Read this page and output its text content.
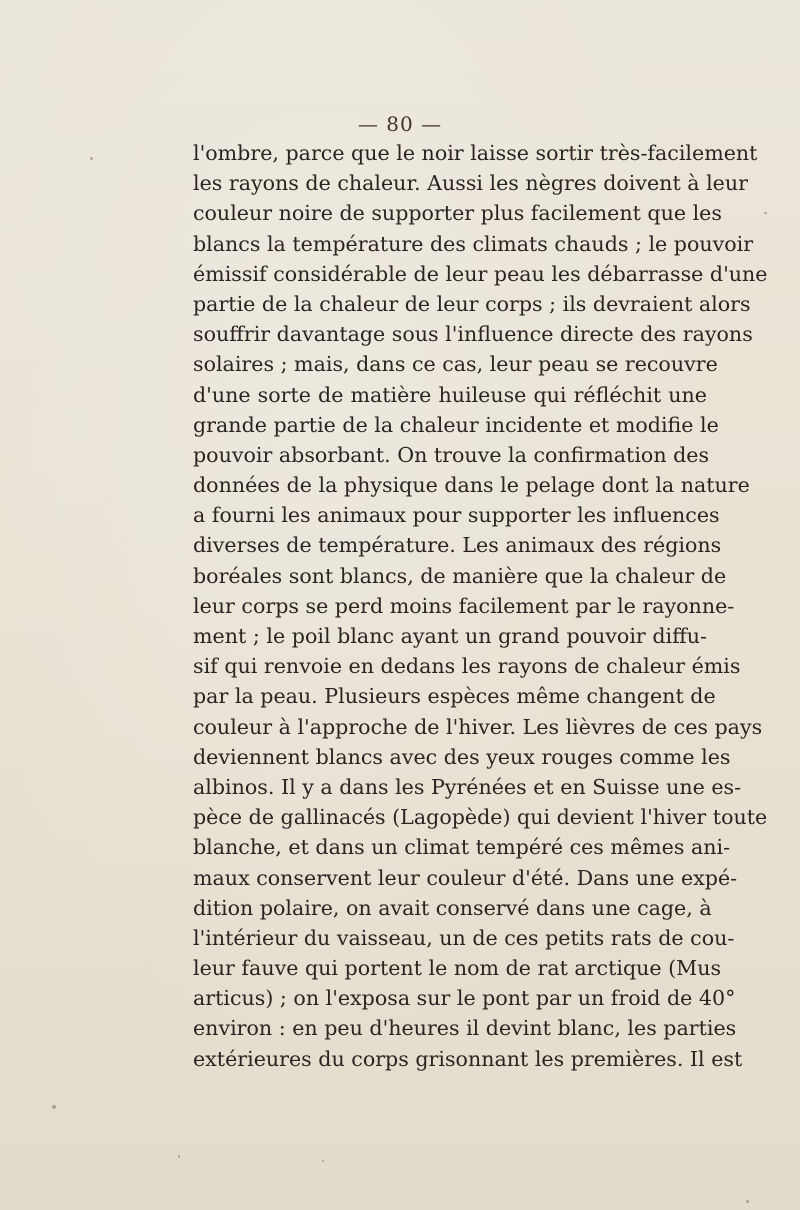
— 80 —
l'ombre, parce que le noir laisse sortir très-facilement
les rayons de chaleur. Aussi les nègres doivent à leur
couleur noire de supporter plus facilement que les
blancs la température des climats chauds ; le pouvoir
émissif considérable de leur peau les débarrasse d'une
partie de la chaleur de leur corps ; ils devraient alors
souffrir davantage sous l'influence directe des rayons
solaires ; mais, dans ce cas, leur peau se recouvre
d'une sorte de matière huileuse qui réfléchit une
grande partie de la chaleur incidente et modifie le
pouvoir absorbant. On trouve la confirmation des
données de la physique dans le pelage dont la nature
a fourni les animaux pour supporter les influences
diverses de température. Les animaux des régions
boréales sont blancs, de manière que la chaleur de
leur corps se perd moins facilement par le rayonne-
ment ; le poil blanc ayant un grand pouvoir diffu-
sif qui renvoie en dedans les rayons de chaleur émis
par la peau. Plusieurs espèces même changent de
couleur à l'approche de l'hiver. Les lièvres de ces pays
deviennent blancs avec des yeux rouges comme les
albinos. Il y a dans les Pyrénées et en Suisse une es-
pèce de gallinacés (Lagopède) qui devient l'hiver toute
blanche, et dans un climat tempéré ces mêmes ani-
maux conservent leur couleur d'été. Dans une expé-
dition polaire, on avait conservé dans une cage, à
l'intérieur du vaisseau, un de ces petits rats de cou-
leur fauve qui portent le nom de rat arctique (Mus
articus) ; on l'exposa sur le pont par un froid de 40°
environ : en peu d'heures il devint blanc, les parties
extérieures du corps grisonnant les premières. Il est
